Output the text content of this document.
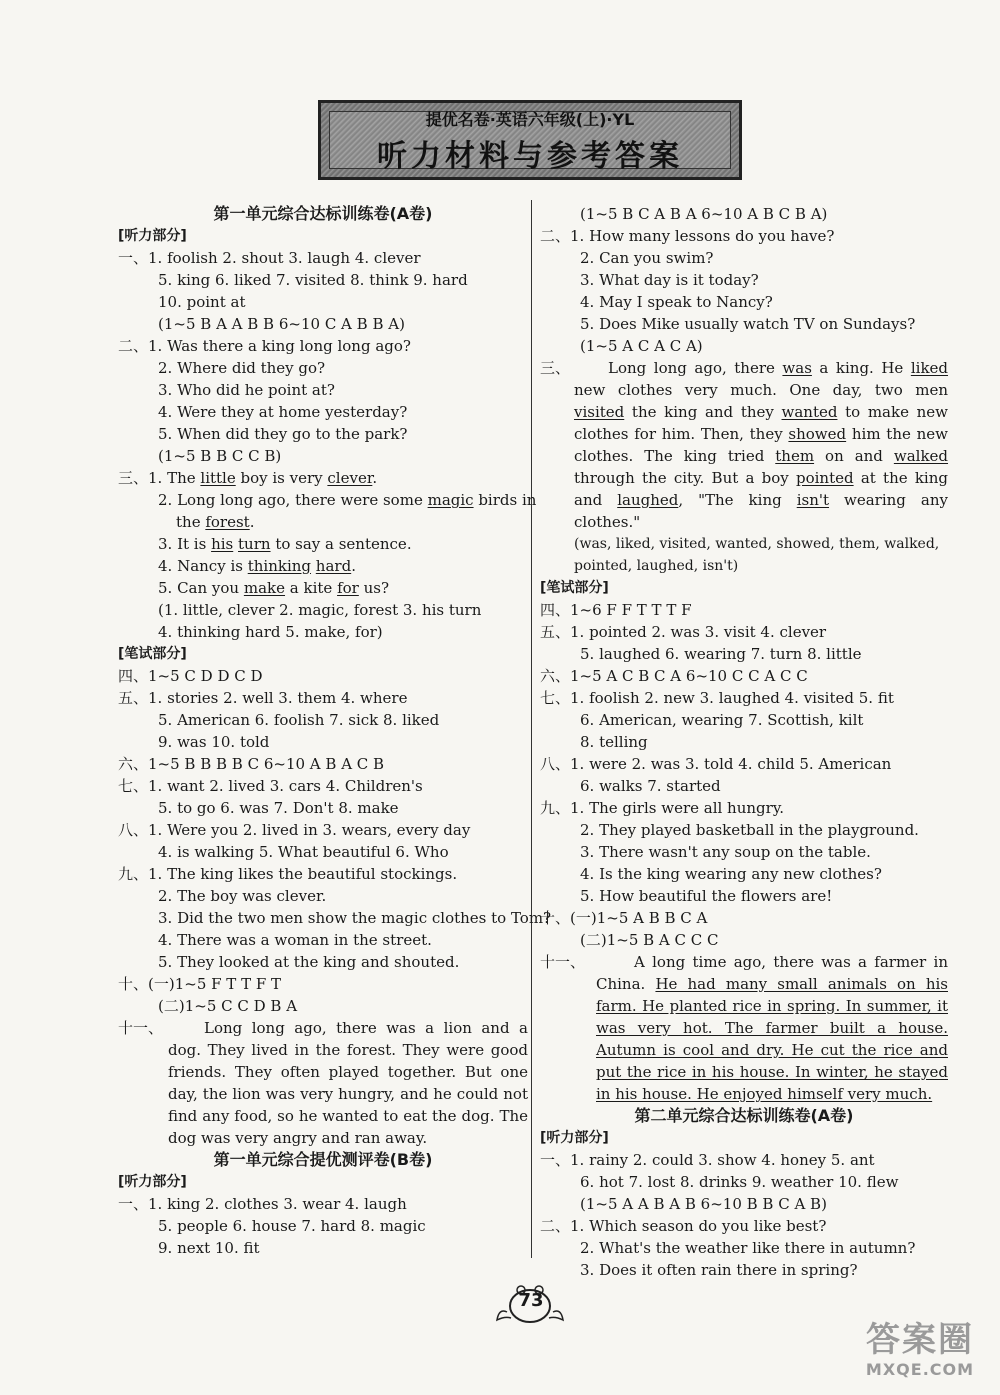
提优名卷·英语六年级(上)·YL
听力材料与参考答案
第一单元综合达标训练卷(A卷)
[听力部分]
一、1. foolish 2. shout 3. laugh 4. clever
5. king 6. liked 7. visited 8. think 9. hard
10. point at
(1~5 B A A B B 6~10 C A B B A)
二、1. Was there a king long long ago?
2. Where did they go?
3. Who did he point at?
4. Were they at home yesterday?
5. When did they go to the park?
(1~5 B B C C B)
三、1. The little boy is very clever.
2. Long long ago, there were some magic birds in
the forest.
3. It is his turn to say a sentence.
4. Nancy is thinking hard.
5. Can you make a kite for us?
(1. little, clever 2. magic, forest 3. his turn
4. thinking hard 5. make, for)
[笔试部分]
四、1~5 C D D C D
五、1. stories 2. well 3. them 4. where
5. American 6. foolish 7. sick 8. liked
9. was 10. told
六、1~5 B B B B C 6~10 A B A C B
七、1. want 2. lived 3. cars 4. Children's
5. to go 6. was 7. Don't 8. make
八、1. Were you 2. lived in 3. wears, every day
4. is walking 5. What beautiful 6. Who
九、1. The king likes the beautiful stockings.
2. The boy was clever.
3. Did the two men show the magic clothes to Tom?
4. There was a woman in the street.
5. They looked at the king and shouted.
十、(一)1~5 F T T F T
(二)1~5 C C D B A
十一、	Long long ago, there was a lion and a dog. They lived in the forest. They were good friends. They often played together. But one day, the lion was very hungry, and he could not find any food, so he wanted to eat the dog. The dog was very angry and ran away.
第一单元综合提优测评卷(B卷)
[听力部分]
一、1. king 2. clothes 3. wear 4. laugh
5. people 6. house 7. hard 8. magic
9. next 10. fit
(1~5 B C A B A 6~10 A B C B A)
二、1. How many lessons do you have?
2. Can you swim?
3. What day is it today?
4. May I speak to Nancy?
5. Does Mike usually watch TV on Sundays?
(1~5 A C A C A)
三、	Long long ago, there was a king. He liked new clothes very much. One day, two men visited the king and they wanted to make new clothes for him. Then, they showed him the new clothes. The king tried them on and walked through the city. But a boy pointed at the king and laughed, "The king isn't wearing any clothes."
(was, liked, visited, wanted, showed, them, walked, pointed, laughed, isn't)
[笔试部分]
四、1~6 F F T T T F
五、1. pointed 2. was 3. visit 4. clever
5. laughed 6. wearing 7. turn 8. little
六、1~5 A C B C A 6~10 C C A C C
七、1. foolish 2. new 3. laughed 4. visited 5. fit
6. American, wearing 7. Scottish, kilt
8. telling
八、1. were 2. was 3. told 4. child 5. American
6. walks 7. started
九、1. The girls were all hungry.
2. They played basketball in the playground.
3. There wasn't any soup on the table.
4. Is the king wearing any new clothes?
5. How beautiful the flowers are!
十、(一)1~5 A B B C A
(二)1~5 B A C C C
十一、	A long time ago, there was a farmer in China. He had many small animals on his farm. He planted rice in spring. In summer, it was very hot. The farmer built a house. Autumn is cool and dry. He cut the rice and put the rice in his house. In winter, he stayed in his house. He enjoyed himself very much.
第二单元综合达标训练卷(A卷)
[听力部分]
一、1. rainy 2. could 3. show 4. honey 5. ant
6. hot 7. lost 8. drinks 9. weather 10. flew
(1~5 A A B A B 6~10 B B C A B)
二、1. Which season do you like best?
2. What's the weather like there in autumn?
3. Does it often rain there in spring?
73
答案圈
MXQE.COM
